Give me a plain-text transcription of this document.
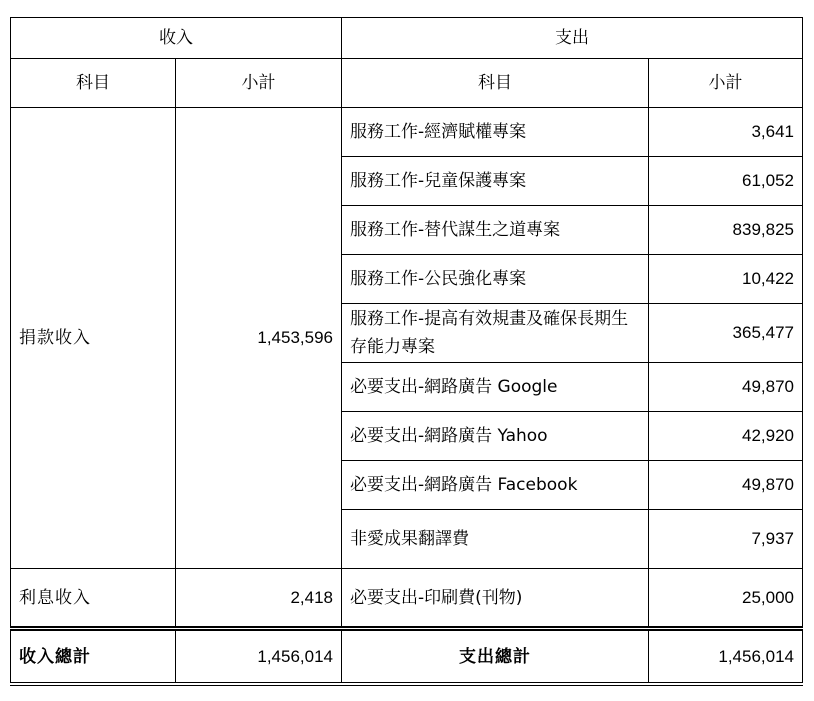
收入		支出	
科目	小計	科目	小計
捐款收入	1,453,596	服務工作-經濟賦權專案	3,641
		服務工作-兒童保護專案	61,052
		服務工作-替代謀生之道專案	839,825
		服務工作-公民強化專案	10,422
		服務工作-提高有效規畫及確保長期生存能力專案	365,477
		必要支出-網路廣告 Google	49,870
		必要支出-網路廣告 Yahoo	42,920
		必要支出-網路廣告 Facebook	49,870
		非愛成果翻譯費	7,937
利息收入	2,418	必要支出-印刷費(刊物)	25,000
收入總計	1,456,014	支出總計	1,456,014
